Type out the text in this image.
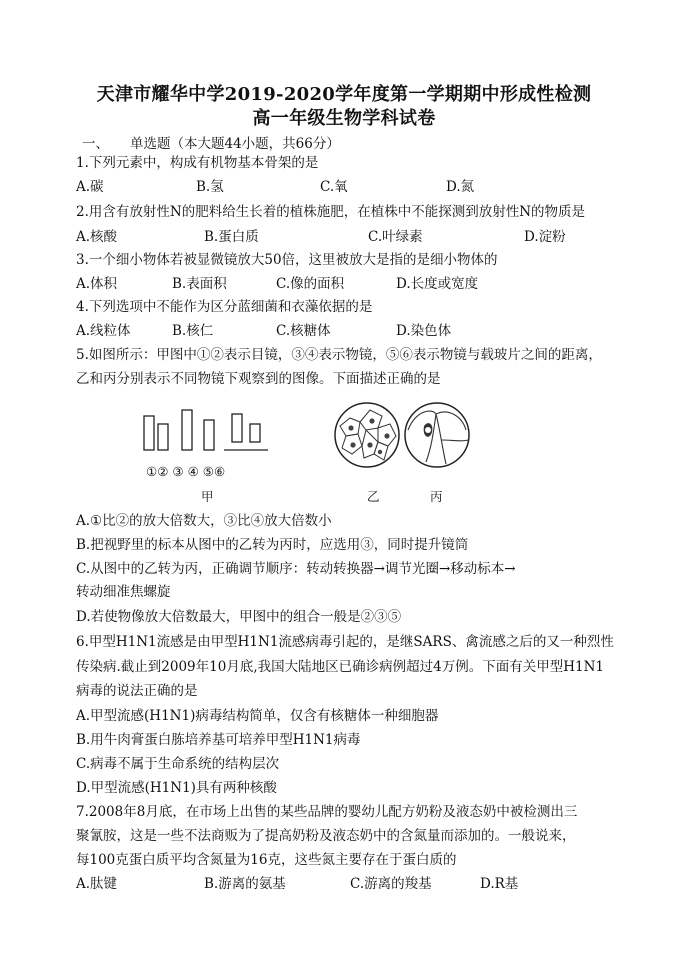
天津市耀华中学2019-2020学年度第一学期期中形成性检测
高一年级生物学科试卷
一、 单选题（本大题44小题，共66分）
1.下列元素中，构成有机物基本骨架的是
A.碳	B.氢	C.氧	D.氮
2.用含有放射性N的肥料给生长着的植株施肥，在植株中不能探测到放射性N的物质是
A.核酸	B.蛋白质	C.叶绿素	D.淀粉
3.一个细小物体若被显微镜放大50倍，这里被放大是指的是细小物体的
A.体积	B.表面积	C.像的面积	D.长度或宽度
4.下列选项中不能作为区分蓝细菌和衣藻依据的是
A.线粒体	B.核仁	C.核糖体	D.染色体
5.如图所示：甲图中①②表示目镜，③④表示物镜，⑤⑥表示物镜与载玻片之间的距离，
乙和丙分别表示不同物镜下观察到的图像。下面描述正确的是
①② ③ ④ ⑤⑥
甲	乙	丙
A.①比②的放大倍数大，③比④放大倍数小
B.把视野里的标本从图中的乙转为丙时，应选用③，同时提升镜筒
C.从图中的乙转为丙，正确调节顺序：转动转换器→调节光圈→移动标本→
转动细准焦螺旋
D.若使物像放大倍数最大，甲图中的组合一般是②③⑤
6.甲型H1N1流感是由甲型H1N1流感病毒引起的，是继SARS、禽流感之后的又一种烈性
传染病.截止到2009年10月底,我国大陆地区已确诊病例超过4万例。下面有关甲型H1N1
病毒的说法正确的是
A.甲型流感(H1N1)病毒结构简单，仅含有核糖体一种细胞器
B.用牛肉膏蛋白胨培养基可培养甲型H1N1病毒
C.病毒不属于生命系统的结构层次
D.甲型流感(H1N1)具有两种核酸
7.2008年8月底，在市场上出售的某些品牌的婴幼儿配方奶粉及液态奶中被检测出三
聚氰胺，这是一些不法商贩为了提高奶粉及液态奶中的含氮量而添加的。一般说来，
每100克蛋白质平均含氮量为16克，这些氮主要存在于蛋白质的
A.肽键	B.游离的氨基	C.游离的羧基	D.R基
